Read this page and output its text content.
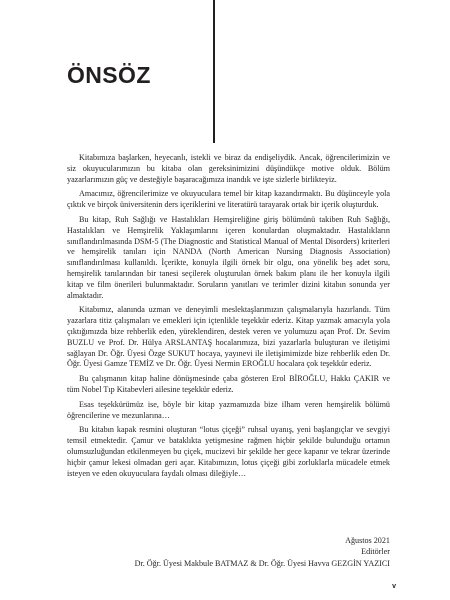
ÖNSÖZ

Kitabımıza başlarken, heyecanlı, istekli ve biraz da endişeliydik. Ancak, öğrencilerimizin ve siz okuyucularımızın bu kitaba olan gereksinimizini düşündükçe motive olduk. Bölüm yazarlarımızın güç ve desteğiyle başaracağımıza inandık ve işte sizlerle birlikteyiz.

Amacımız, öğrencilerimize ve okuyuculara temel bir kitap kazandırmaktı. Bu düşünceyle yola çıktık ve birçok üniversitenin ders içeriklerini ve literatürü tarayarak ortak bir içerik oluşturduk.

Bu kitap, Ruh Sağlığı ve Hastalıkları Hemşireliğine giriş bölümünü takiben Ruh Sağlığı, Hastalıkları ve Hemşirelik Yaklaşımlarını içeren konulardan oluşmaktadır. Hastalıkların sınıflandırılmasında DSM-5 (The Diagnostic and Statistical Manual of Mental Disorders) kriterleri ve hemşirelik tanıları için NANDA (North American Nursing Diagnosis Association) sınıflandırılması kullanıldı. İçerikte, konuyla ilgili örnek bir olgu, ona yönelik beş adet soru, hemşirelik tanılarından bir tanesi seçilerek oluşturulan örnek bakım planı ile her konuyla ilgili kitap ve film önerileri bulunmaktadır. Soruların yanıtları ve terimler dizini kitabın sonunda yer almaktadır.

Kitabımız, alanında uzman ve deneyimli meslektaşlarımızın çalışmalarıyla hazırlandı. Tüm yazarlara titiz çalışmaları ve emekleri için içtenlikle teşekkür ederiz. Kitap yazmak amacıyla yola çıktığımızda bize rehberlik eden, yüreklendiren, destek veren ve yolumuzu açan Prof. Dr. Sevim BUZLU ve Prof. Dr. Hülya ARSLANTAŞ hocalarımıza, bizi yazarlarla buluşturan ve iletişimi sağlayan Dr. Öğr. Üyesi Özge SUKUT hocaya, yayınevi ile iletişimimizde bize rehberlik eden Dr. Öğr. Üyesi Gamze TEMİZ ve Dr. Öğr. Üyesi Nermin EROĞLU hocalara çok teşekkür ederiz.

Bu çalışmanın kitap haline dönüşmesinde çaba gösteren Erol BİROĞLU, Hakkı ÇAKIR ve tüm Nobel Tıp Kitabevleri ailesine teşekkür ederiz.

Esas teşekkürümüz ise, böyle bir kitap yazmamızda bize ilham veren hemşirelik bölümü öğrencilerine ve mezunlarına…

Bu kitabın kapak resmini oluşturan “lotus çiçeği” ruhsal uyanış, yeni başlangıçlar ve sevgiyi temsil etmektedir. Çamur ve bataklıkta yetişmesine rağmen hiçbir şekilde bulunduğu ortamın olumsuzluğundan etkilenmeyen bu çiçek, mucizevi bir şekilde her gece kapanır ve tekrar üzerinde hiçbir çamur lekesi olmadan geri açar. Kitabımızın, lotus çiçeği gibi zorluklarla mücadele etmek isteyen ve eden okuyuculara faydalı olması dileğiyle…

Ağustos 2021
Editörler
Dr. Öğr. Üyesi Makbule BATMAZ & Dr. Öğr. Üyesi Havva GEZGİN YAZICI
v
